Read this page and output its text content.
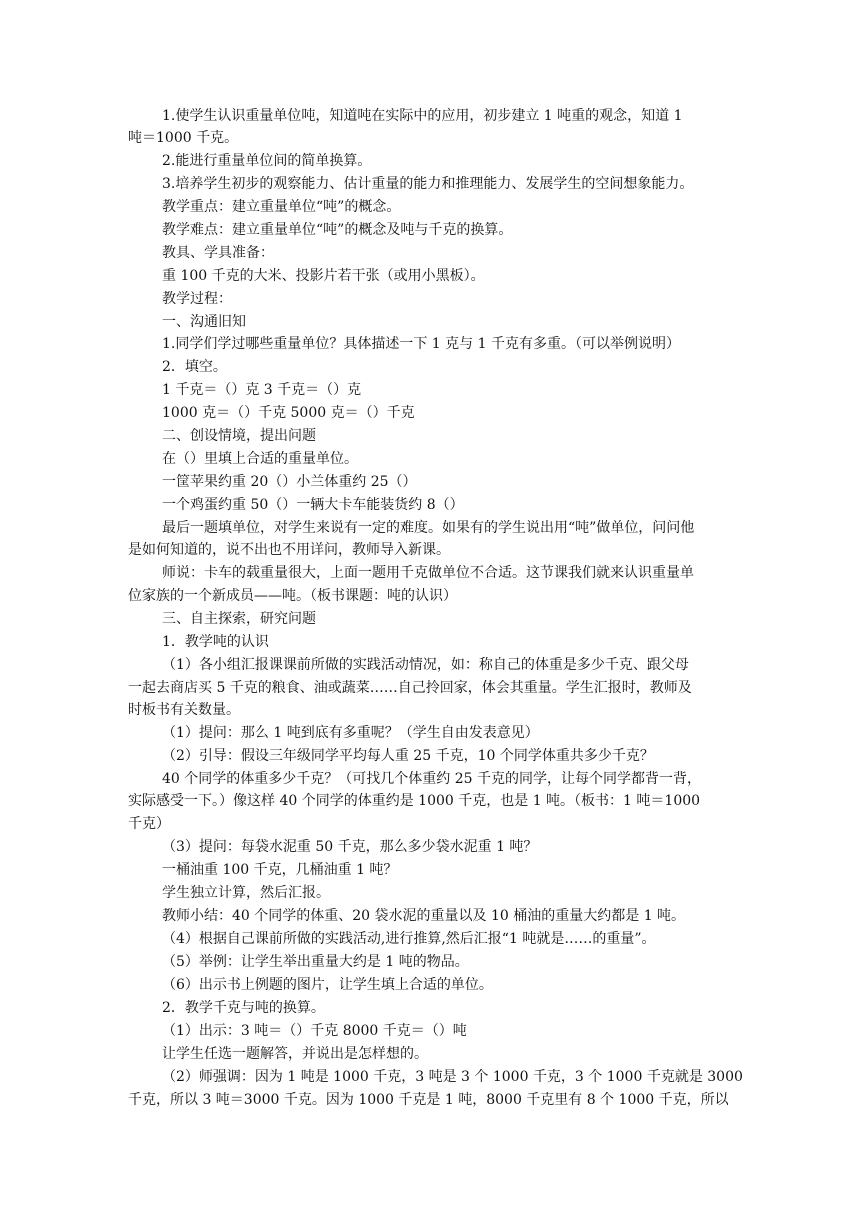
1.使学生认识重量单位吨，知道吨在实际中的应用，初步建立 1 吨重的观念，知道 1
吨＝1000 千克。
2.能进行重量单位间的简单换算。
3.培养学生初步的观察能力、估计重量的能力和推理能力、发展学生的空间想象能力。
教学重点：建立重量单位“吨”的概念。
教学难点：建立重量单位“吨”的概念及吨与千克的换算。
教具、学具准备：
重 100 千克的大米、投影片若干张（或用小黑板）。
教学过程：
一、沟通旧知
1.同学们学过哪些重量单位？具体描述一下 1 克与 1 千克有多重。（可以举例说明）
2．填空。
1 千克＝（）克 3 千克＝（）克
1000 克＝（）千克 5000 克＝（）千克
二、创设情境，提出问题
在（）里填上合适的重量单位。
一筐苹果约重 20（）小兰体重约 25（）
一个鸡蛋约重 50（）一辆大卡车能装货约 8（）
最后一题填单位，对学生来说有一定的难度。如果有的学生说出用“吨”做单位，问问他
是如何知道的，说不出也不用详问，教师导入新课。
师说：卡车的载重量很大，上面一题用千克做单位不合适。这节课我们就来认识重量单
位家族的一个新成员——吨。（板书课题：吨的认识）
三、自主探索，研究问题
1．教学吨的认识
（1）各小组汇报课课前所做的实践活动情况，如：称自己的体重是多少千克、跟父母
一起去商店买 5 千克的粮食、油或蔬菜……自己拎回家，体会其重量。学生汇报时，教师及
时板书有关数量。
（1）提问：那么 1 吨到底有多重呢？（学生自由发表意见）
（2）引导：假设三年级同学平均每人重 25 千克，10 个同学体重共多少千克？
40 个同学的体重多少千克？（可找几个体重约 25 千克的同学，让每个同学都背一背，
实际感受一下。）像这样 40 个同学的体重约是 1000 千克，也是 1 吨。（板书：1 吨＝1000
千克）
（3）提问：每袋水泥重 50 千克，那么多少袋水泥重 1 吨？
一桶油重 100 千克，几桶油重 1 吨？
学生独立计算，然后汇报。
教师小结：40 个同学的体重、20 袋水泥的重量以及 10 桶油的重量大约都是 1 吨。
（4）根据自己课前所做的实践活动,进行推算,然后汇报“1 吨就是……的重量”。
（5）举例：让学生举出重量大约是 1 吨的物品。
（6）出示书上例题的图片，让学生填上合适的单位。
2．教学千克与吨的换算。
（1）出示：3 吨＝（）千克 8000 千克＝（）吨
让学生任选一题解答，并说出是怎样想的。
（2）师强调：因为 1 吨是 1000 千克，3 吨是 3 个 1000 千克，3 个 1000 千克就是 3000
千克，所以 3 吨＝3000 千克。因为 1000 千克是 1 吨，8000 千克里有 8 个 1000 千克，所以
